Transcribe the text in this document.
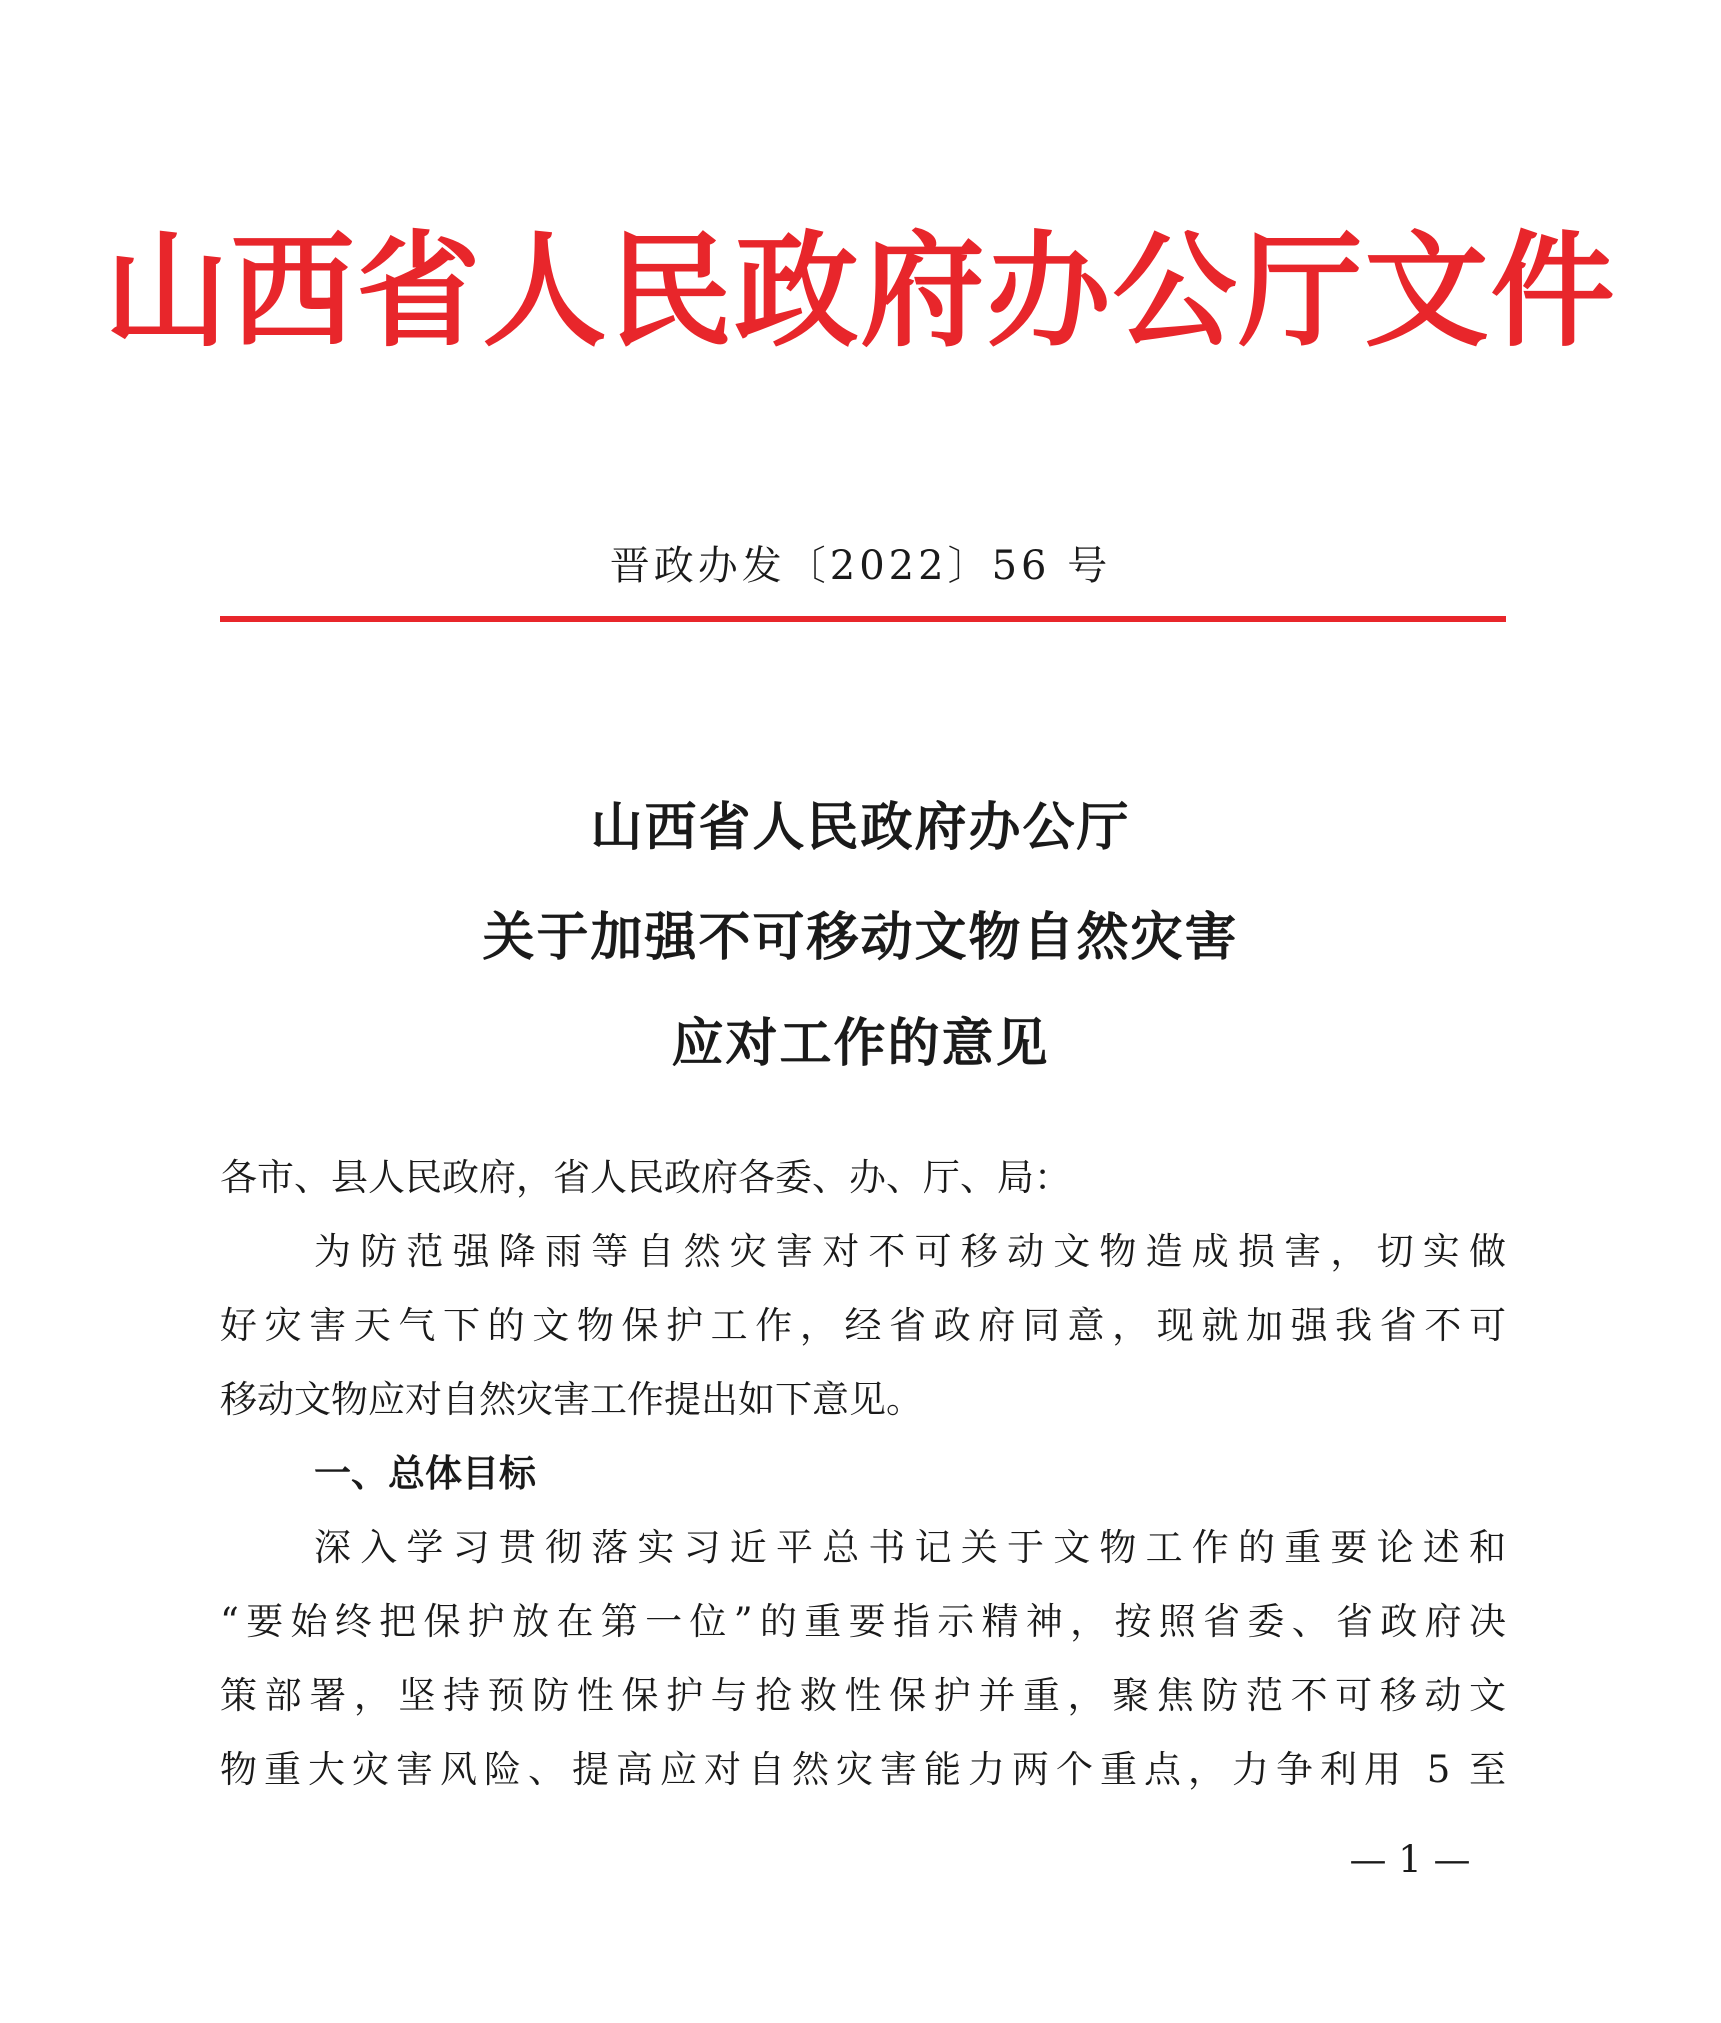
山西省人民政府办公厅文件
晋政办发〔2022〕56 号
山西省人民政府办公厅
关于加强不可移动文物自然灾害
应对工作的意见
各市、县人民政府，省人民政府各委、办、厅、局：
为防范强降雨等自然灾害对不可移动文物造成损害，切实做
好灾害天气下的文物保护工作，经省政府同意，现就加强我省不可
移动文物应对自然灾害工作提出如下意见。
一、总体目标
深入学习贯彻落实习近平总书记关于文物工作的重要论述和
“要始终把保护放在第一位”的重要指示精神，按照省委、省政府决
策部署，坚持预防性保护与抢救性保护并重，聚焦防范不可移动文
物重大灾害风险、提高应对自然灾害能力两个重点，力争利用 5 至
— 1 —
